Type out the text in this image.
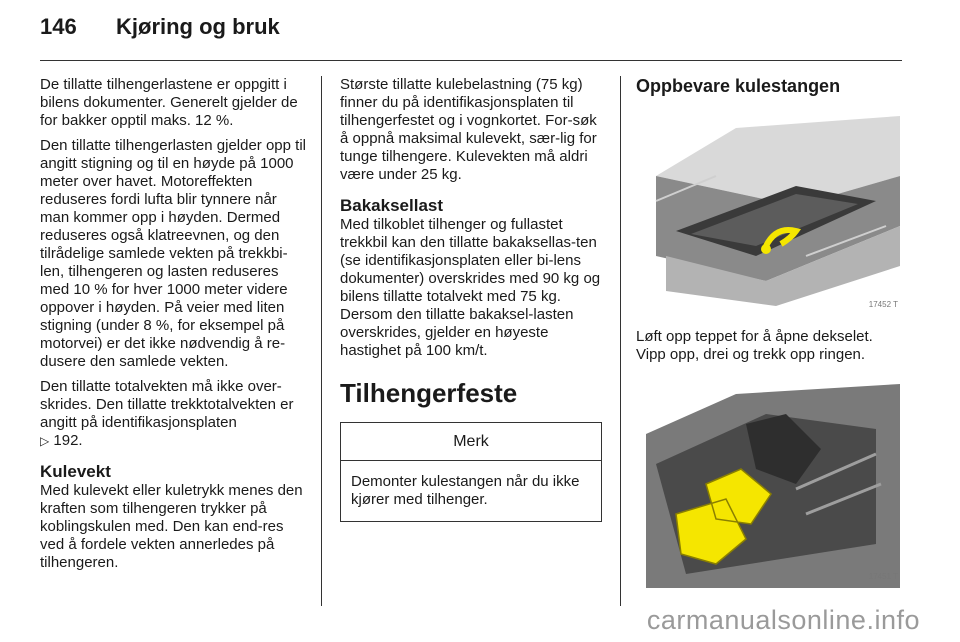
146	Kjøring og bruk

De tillatte tilhengerlastene er oppgitt i bilens dokumenter. Generelt gjelder de for bakker opptil maks. 12 %.

Den tillatte tilhengerlasten gjelder opp til angitt stigning og til en høyde på 1000 meter over havet. Motoreffekten reduseres fordi lufta blir tynnere når man kommer opp i høyden. Dermed reduseres også klatreevnen, og den tilrådelige samlede vekten på trekkbi-len, tilhengeren og lasten reduseres med 10 % for hver 1000 meter videre oppover i høyden. På veier med liten stigning (under 8 %, for eksempel på motorvei) er det ikke nødvendig å re-dusere den samlede vekten.

Den tillatte totalvekten må ikke over-skrides. Den tillatte trekktotalvekten er angitt på identifikasjonsplaten
▷ 192.

Kulevekt

Med kulevekt eller kuletrykk menes den kraften som tilhengeren trykker på koblingskulen med. Den kan end-res ved å fordele vekten annerledes på tilhengeren.

Største tillatte kulebelastning (75 kg) finner du på identifikasjonsplaten til tilhengerfestet og i vognkortet. For-søk å oppnå maksimal kulevekt, sær-lig for tunge tilhengere. Kulevekten må aldri være under 25 kg.

Bakaksellast

Med tilkoblet tilhenger og fullastet trekkbil kan den tillatte bakaksellas-ten (se identifikasjonsplaten eller bi-lens dokumenter) overskrides med 90 kg og bilens tillatte totalvekt med 75 kg. Dersom den tillatte bakaksel-lasten overskrides, gjelder en høyeste hastighet på 100 km/t.

Tilhengerfeste
Merk
Demonter kulestangen når du ikke kjører med tilhenger.
Oppbevare kulestangen
17452 T

Løft opp teppet for å åpne dekselet. Vipp opp, drei og trekk opp ringen.

17451 T
carmanualsonline.info
